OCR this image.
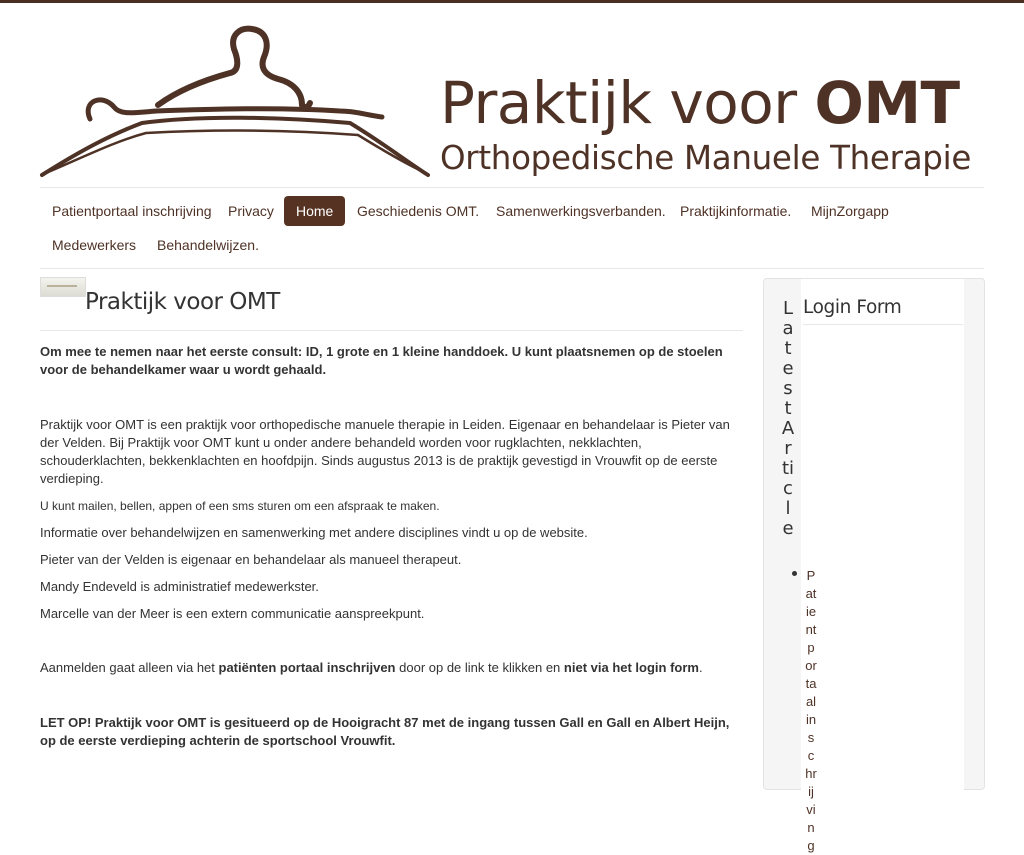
Praktijk voor OMT
Orthopedische Manuele Therapie
Patientportaal inschrijving	Privacy	Home	Geschiedenis OMT.	Samenwerkingsverbanden.	Praktijkinformatie.	MijnZorgapp
Medewerkers	Behandelwijzen.
Praktijk voor OMT

Om mee te nemen naar het eerste consult: ID, 1 grote en 1 kleine handdoek. U kunt plaatsnemen op de stoelen voor de behandelkamer waar u wordt gehaald.

Praktijk voor OMT is een praktijk voor orthopedische manuele therapie in Leiden. Eigenaar en behandelaar is Pieter van der Velden. Bij Praktijk voor OMT kunt u onder andere behandeld worden voor rugklachten, nekklachten, schouderklachten, bekkenklachten en hoofdpijn. Sinds augustus 2013 is de praktijk gevestigd in Vrouwfit op de eerste verdieping.

U kunt mailen, bellen, appen of een sms sturen om een afspraak te maken.

Informatie over behandelwijzen en samenwerking met andere disciplines vindt u op de website.

Pieter van der Velden is eigenaar en behandelaar als manueel therapeut.

Mandy Endeveld is administratief medewerkster.

Marcelle van der Meer is een extern communicatie aanspreekpunt.

Aanmelden gaat alleen via het patiënten portaal inschrijven door op de link te klikken en niet via het login form.

LET OP! Praktijk voor OMT is gesitueerd op de Hooigracht 87 met de ingang tussen Gall en Gall en Albert Heijn, op de eerste verdieping achterin de sportschool Vrouwfit.

Latest Article
Login Form
Patientportaal inschrijving
